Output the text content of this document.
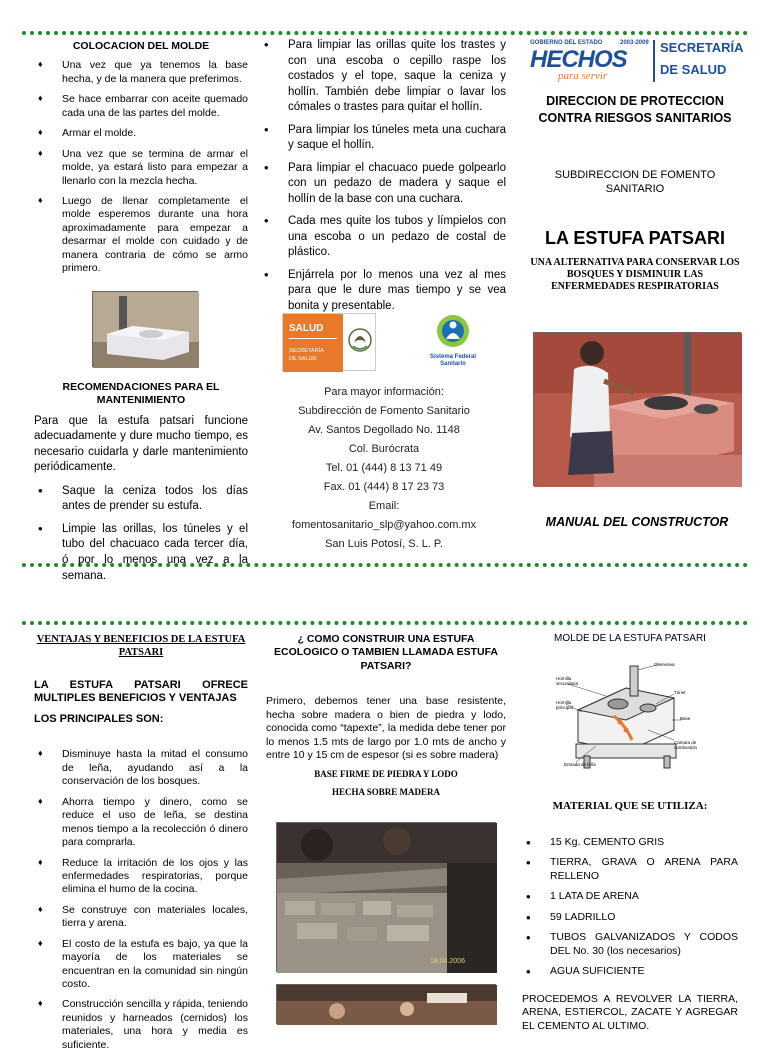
COLOCACION DEL MOLDE
♦ Una vez que ya tenemos la base hecha, y de la manera que preferimos.
♦ Se hace embarrar con aceite quemado cada una de las partes del molde.
♦ Armar el molde.
♦ Una vez que se termina de armar el molde, ya estará listo para empezar a llenarlo con la mezcla hecha.
♦ Luego de llenar completamente el molde esperemos durante una hora aproximadamente para empezar a desarmar el molde con cuidado y de manera contraria de cómo se armo primero.
RECOMENDACIONES PARA EL MANTENIMIENTO

Para que la estufa patsari funcione adecuadamente y dure mucho tiempo, es necesario cuidarla y darle mantenimiento periódicamente.

• Saque la ceniza todos los días antes de prender su estufa.
• Limpie las orillas, los túneles y el tubo del chacuaco cada tercer día, ó por lo menos una vez a la semana.
• Para limpiar las orillas quite los trastes y con una escoba o cepillo raspe los costados y el tope, saque la ceniza y hollín. También debe limpiar o lavar los cómales o trastes para quitar el hollín.
• Para limpiar los túneles meta una cuchara y saque el hollín.
• Para limpiar el chacuaco puede golpearlo con un pedazo de madera y saque el hollín de la base con una cuchara.
• Cada mes quite los tubos y límpielos con una escoba o un pedazo de costal de plástico.
• Enjárrela por lo menos una vez al mes para que le dure mas tiempo y se vea bonita y presentable.
SALUD
SECRETARÍA
DE SALUD	Sistema Federal
Sanitario

Para mayor información:

Subdirección de Fomento Sanitario

Av. Santos Degollado No. 1148

Col. Burócrata

Tel. 01 (444) 8 13 71 49

Fax. 01 (444) 8 17 23 73

Email:

fomentosanitario_slp@yahoo.com.mx

San Luis Potosí, S. L. P.

GOBIERNO DEL ESTADO	2003-2009
HECHOS
para servir
SECRETARÍA
DE SALUD
DIRECCION DE PROTECCION CONTRA RIESGOS SANITARIOS
SUBDIRECCION DE FOMENTO SANITARIO
LA ESTUFA PATSARI
UNA ALTERNATIVA PARA CONSERVAR LOS BOSQUES Y DISMINUIR LAS ENFERMEDADES RESPIRATORIAS
MANUAL DEL CONSTRUCTOR
VENTAJAS Y BENEFICIOS DE LA ESTUFA PATSARI
LA ESTUFA PATSARI OFRECE MULTIPLES BENEFICIOS Y VENTAJAS
LOS PRINCIPALES SON:
♦ Disminuye hasta la mitad el consumo de leña, ayudando así a la conservación de los bosques.
♦ Ahorra tiempo y dinero, como se reduce el uso de leña, se destina menos tiempo a la recolección ó dinero para comprarla.
♦ Reduce la irritación de los ojos y las enfermedades respiratorias, porque elimina el humo de la cocina.
♦ Se construye con materiales locales, tierra y arena.
♦ El costo de la estufa es bajo, ya que la mayoría de los materiales se encuentran en la comunidad sin ningún costo.
♦ Construcción sencilla y rápida, teniendo reunidos y harneados (cernidos) los materiales, una hora y media es suficiente.
¿ COMO CONSTRUIR UNA ESTUFA ECOLOGICO O TAMBIEN LLAMADA ESTUFA PATSARI?

Primero, debemos tener una base resistente, hecha sobre madera o bien de piedra y lodo, conocida como “tapexte”, la medida debe tener por lo menos 1.5 mts de largo por 1.0 mts de ancho y entre 10 y 15 cm de espesor (si es sobre madera)

BASE FIRME DE PIEDRA Y LODO
HECHA SOBRE MADERA
18.04.2006
MOLDE DE LA ESTUFA PATSARI
Chimenea
Entrada de leña
Base
Hornilla principal
Hornilla secundaria
Cámara de combustión
Túnel
MATERIAL QUE SE UTILIZA:
• 15 Kg. CEMENTO GRIS
• TIERRA, GRAVA O ARENA PARA RELLENO
• 1 LATA DE ARENA
• 59 LADRILLO
• TUBOS GALVANIZADOS Y CODOS DEL No. 30 (los necesarios)
• AGUA SUFICIENTE
PROCEDEMOS A REVOLVER LA TIERRA, ARENA, ESTIERCOL, ZACATE Y AGREGAR EL CEMENTO AL ULTIMO.
